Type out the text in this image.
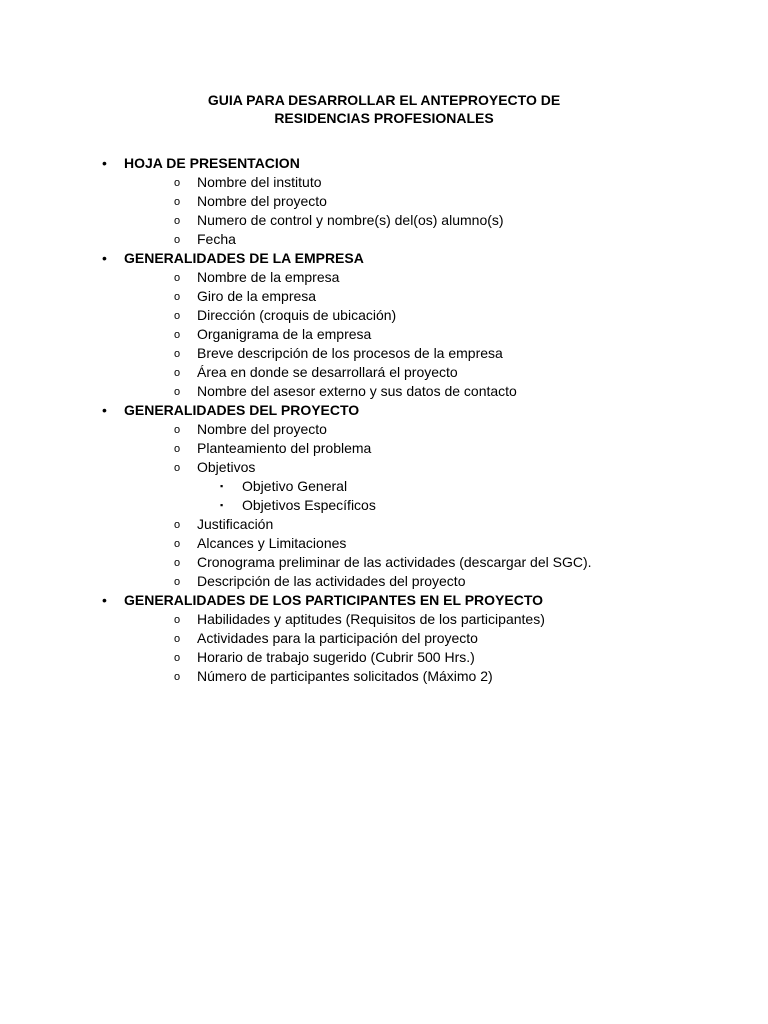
GUIA PARA DESARROLLAR EL ANTEPROYECTO DE
RESIDENCIAS PROFESIONALES
• HOJA DE PRESENTACION
o Nombre del instituto
o Nombre del proyecto
o Numero de control y nombre(s) del(os) alumno(s)
o Fecha
• GENERALIDADES DE LA EMPRESA
o Nombre de la empresa
o Giro de la empresa
o Dirección (croquis de ubicación)
o Organigrama de la empresa
o Breve descripción de los procesos de la empresa
o Área en donde se desarrollará el proyecto
o Nombre del asesor externo y sus datos de contacto
• GENERALIDADES DEL PROYECTO
o Nombre del proyecto
o Planteamiento del problema
o Objetivos
▪ Objetivo General
▪ Objetivos Específicos
o Justificación
o Alcances y Limitaciones
o Cronograma preliminar de las actividades (descargar del SGC).
o Descripción de las actividades del proyecto
• GENERALIDADES DE LOS PARTICIPANTES EN EL PROYECTO
o Habilidades y aptitudes (Requisitos de los participantes)
o Actividades para la participación del proyecto
o Horario de trabajo sugerido (Cubrir 500 Hrs.)
o Número de participantes solicitados (Máximo 2)
